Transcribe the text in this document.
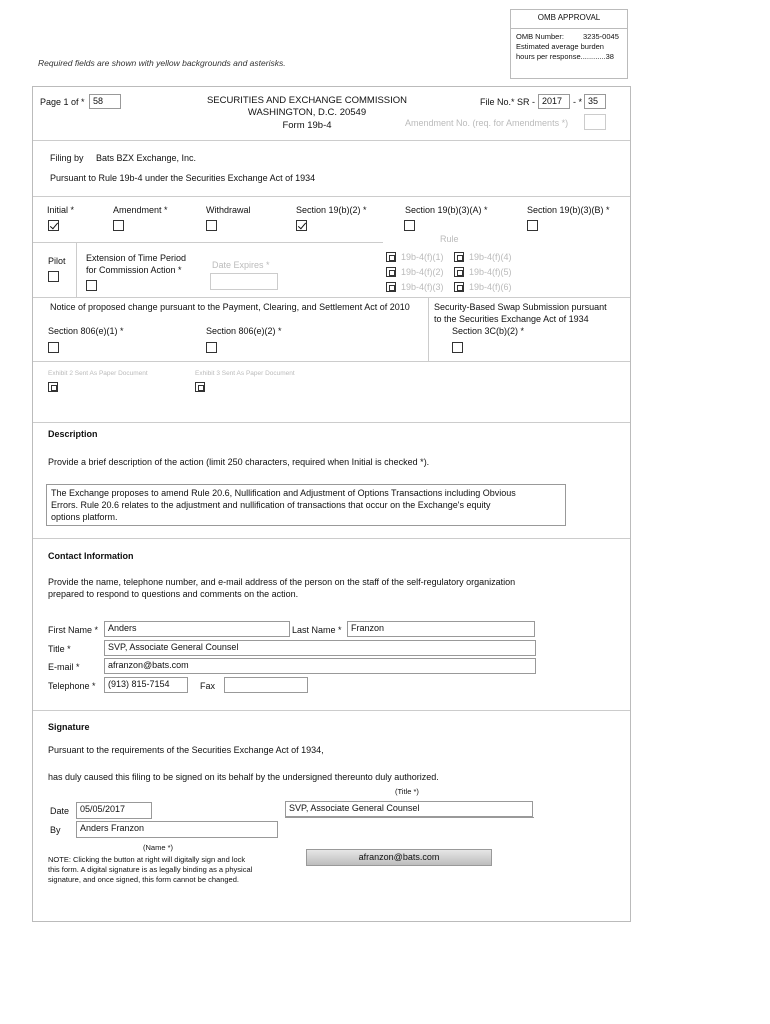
OMB APPROVAL
OMB Number:	3235-0045
Estimated average burden
hours per response............38
Required fields are shown with yellow backgrounds and asterisks.
Page 1 of * 58	SECURITIES AND EXCHANGE COMMISSION
WASHINGTON, D.C. 20549
Form 19b-4
File No.* SR - 2017	- * 35
Amendment No. (req. for Amendments *)
Filing by Bats BZX Exchange, Inc.
Pursuant to Rule 19b-4 under the Securities Exchange Act of 1934
Initial *	Amendment *	Withdrawal	Section 19(b)(2) *	Section 19(b)(3)(A) *	Section 19(b)(3)(B) *
Pilot Extension of Time Period
for Commission Action *	Date Expires *
Rule
19b-4(f)(1)	19b-4(f)(4)
19b-4(f)(2)	19b-4(f)(5)
19b-4(f)(3)	19b-4(f)(6)
Notice of proposed change pursuant to the Payment, Clearing, and Settlement Act of 2010	Security-Based Swap Submission pursuant
to the Securities Exchange Act of 1934
Section 806(e)(1) *	Section 806(e)(2) *	Section 3C(b)(2) *
Exhibit 2 Sent As Paper Document	Exhibit 3 Sent As Paper Document
Description
Provide a brief description of the action (limit 250 characters, required when Initial is checked *).
The Exchange proposes to amend Rule 20.6, Nullification and Adjustment of Options Transactions including Obvious
Errors. Rule 20.6 relates to the adjustment and nullification of transactions that occur on the Exchange's equity
options platform.
Contact Information
Provide the name, telephone number, and e-mail address of the person on the staff of the self-regulatory organization
prepared to respond to questions and comments on the action.
First Name *	Anders	Last Name *	Franzon
Title *	SVP, Associate General Counsel
E-mail *	afranzon@bats.com
Telephone *	(913) 815-7154	Fax
Signature
Pursuant to the requirements of the Securities Exchange Act of 1934,
has duly caused this filing to be signed on its behalf by the undersigned thereunto duly authorized.
(Title *)
Date	05/05/2017	SVP, Associate General Counsel
By	Anders Franzon
(Name *)
NOTE: Clicking the button at right will digitally sign and lock
this form. A digital signature is as legally binding as a physical
signature, and once signed, this form cannot be changed.
afranzon@bats.com
